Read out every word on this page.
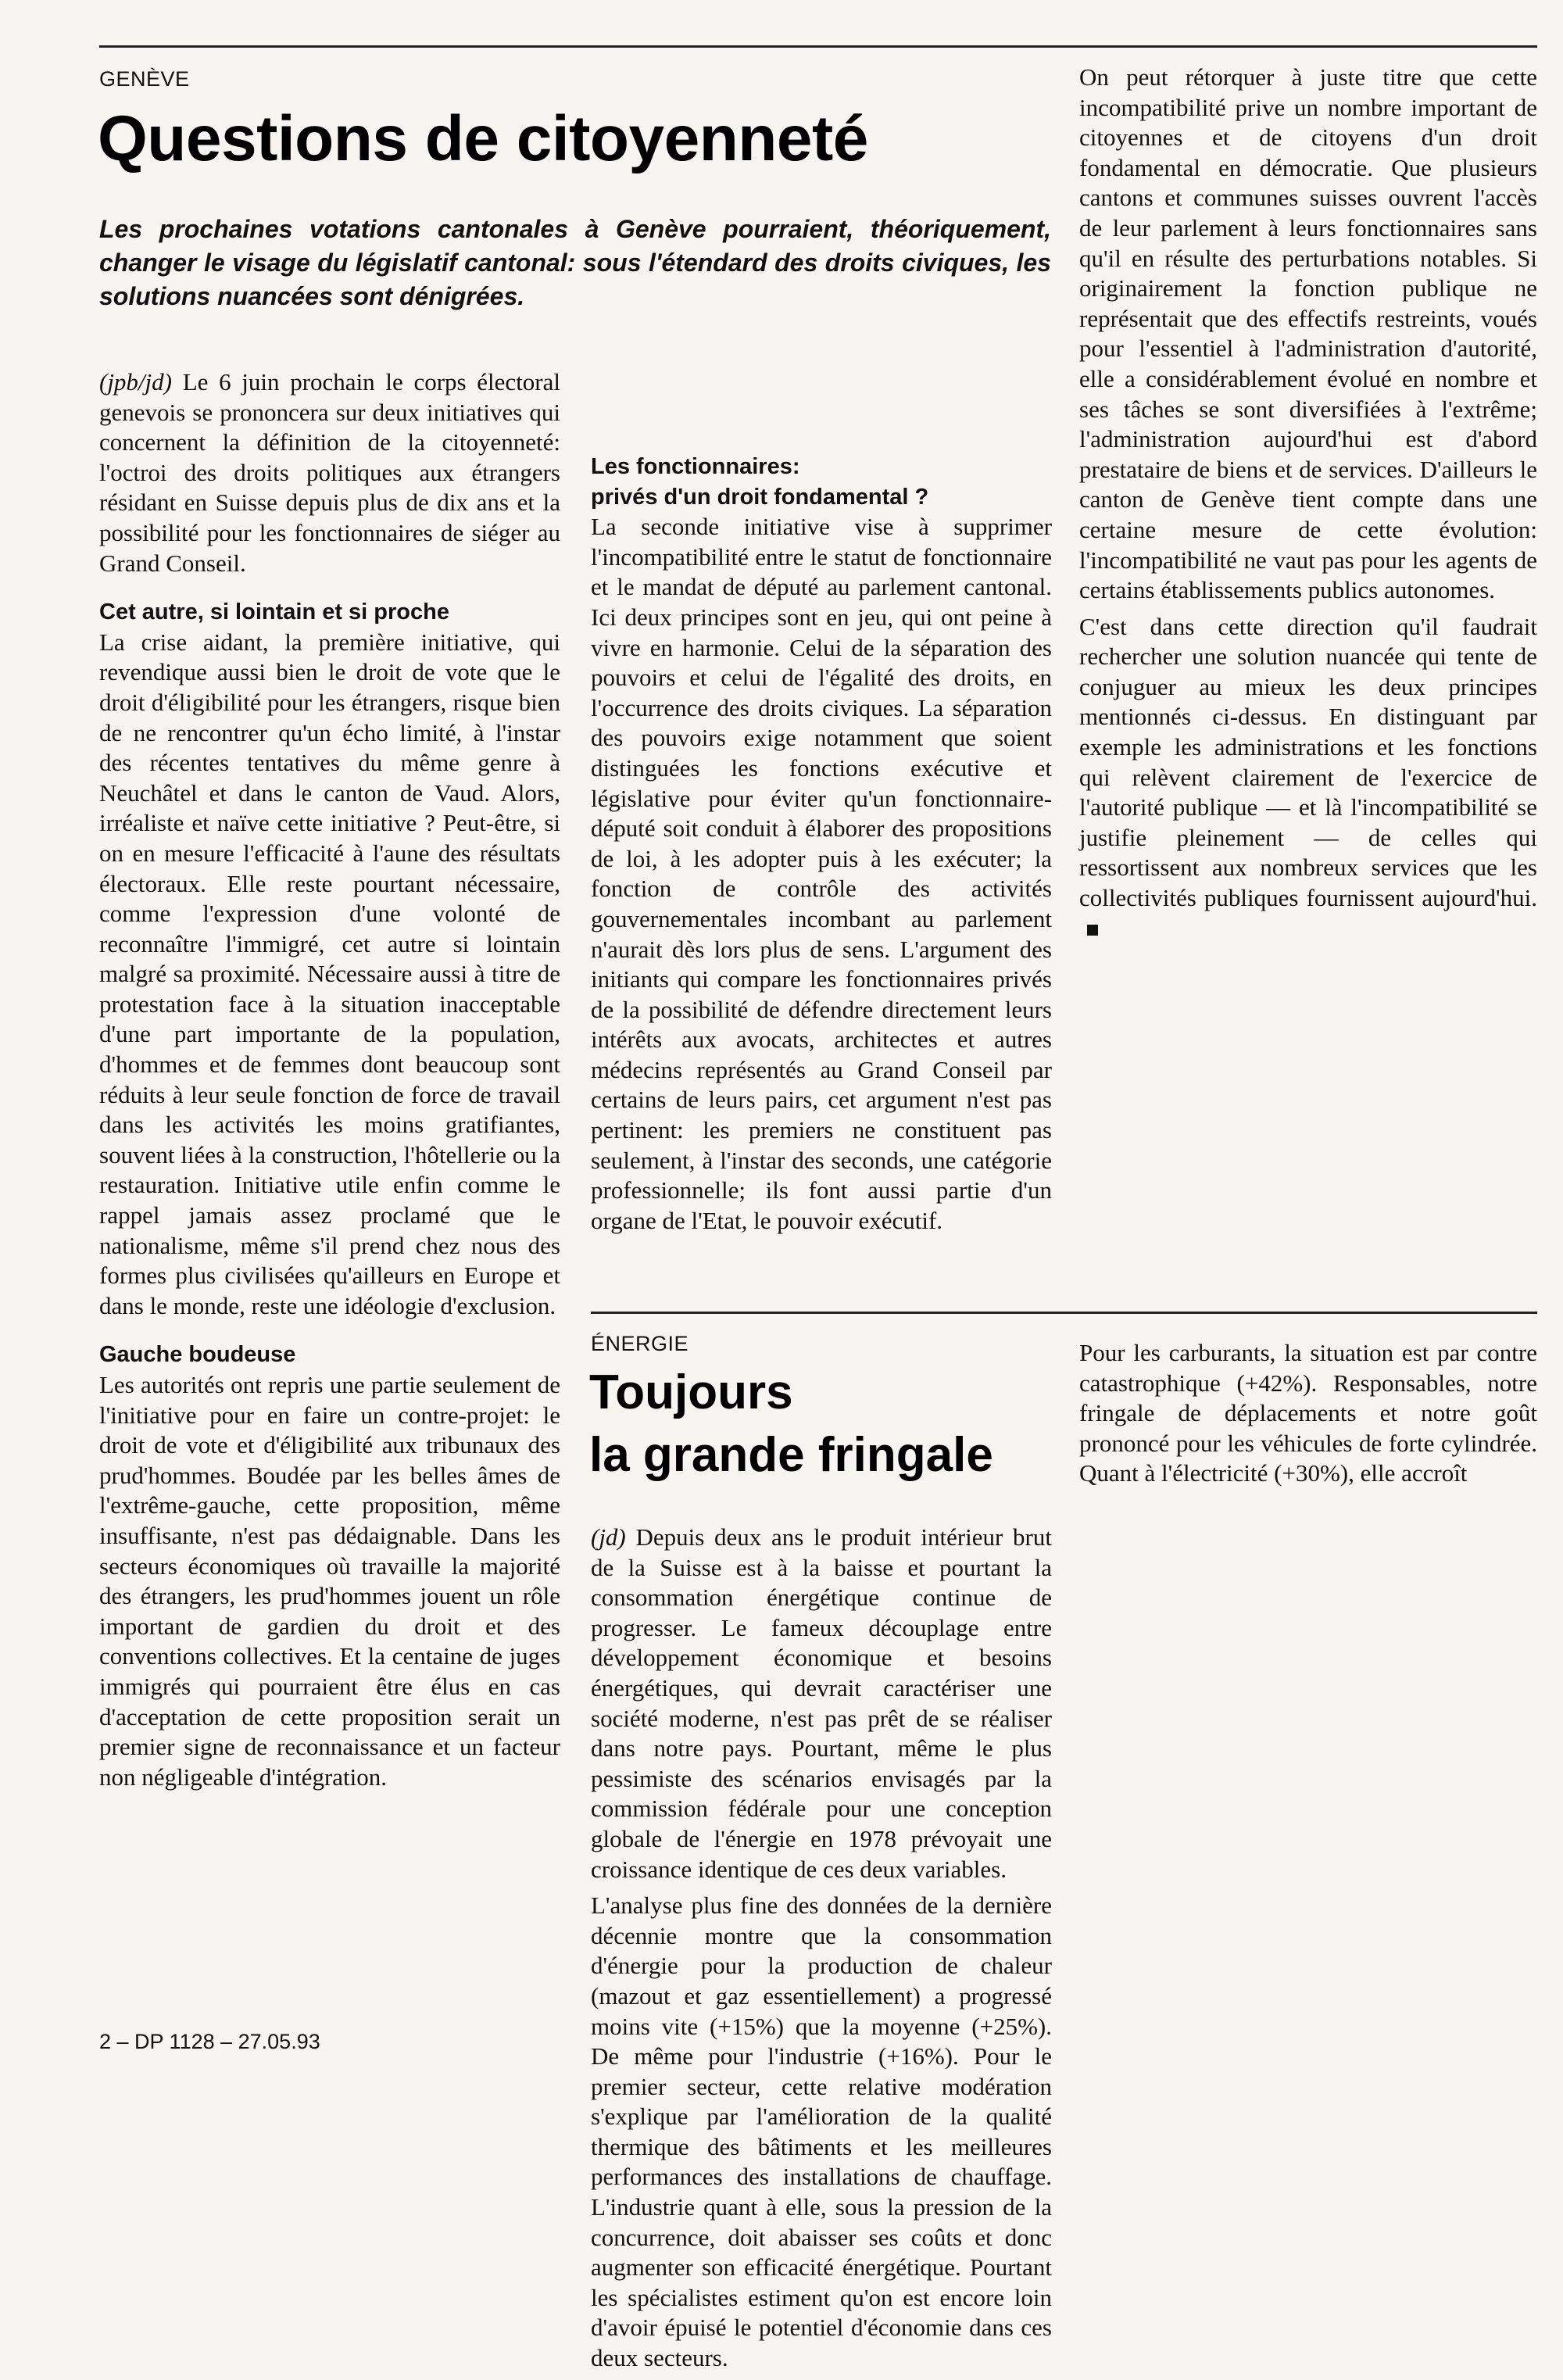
GENÈVE
Questions de citoyenneté
Les prochaines votations cantonales à Genève pourraient, théoriquement, changer le visage du législatif cantonal: sous l'étendard des droits civiques, les solutions nuancées sont dénigrées.

(jpb/jd) Le 6 juin prochain le corps électoral genevois se prononcera sur deux initiatives qui concernent la définition de la citoyenneté: l'octroi des droits politiques aux étrangers résidant en Suisse depuis plus de dix ans et la possibilité pour les fonctionnaires de siéger au Grand Conseil.

Cet autre, si lointain et si proche

La crise aidant, la première initiative, qui revendique aussi bien le droit de vote que le droit d'éligibilité pour les étrangers, risque bien de ne rencontrer qu'un écho limité, à l'instar des récentes tentatives du même genre à Neuchâtel et dans le canton de Vaud. Alors, irréaliste et naïve cette initiative ? Peut-être, si on en mesure l'efficacité à l'aune des résultats électoraux. Elle reste pourtant nécessaire, comme l'expression d'une volonté de reconnaître l'immigré, cet autre si lointain malgré sa proximité. Nécessaire aussi à titre de protestation face à la situation inacceptable d'une part importante de la population, d'hommes et de femmes dont beaucoup sont réduits à leur seule fonction de force de travail dans les activités les moins gratifiantes, souvent liées à la construction, l'hôtellerie ou la restauration. Initiative utile enfin comme le rappel jamais assez proclamé que le nationalisme, même s'il prend chez nous des formes plus civilisées qu'ailleurs en Europe et dans le monde, reste une idéologie d'exclusion.

Gauche boudeuse

Les autorités ont repris une partie seulement de l'initiative pour en faire un contre-projet: le droit de vote et d'éligibilité aux tribunaux des prud'hommes. Boudée par les belles âmes de l'extrême-gauche, cette proposition, même insuffisante, n'est pas dédaignable. Dans les secteurs économiques où travaille la majorité des étrangers, les prud'hommes jouent un rôle important de gardien du droit et des conventions collectives. Et la centaine de juges immigrés qui pourraient être élus en cas d'acceptation de cette proposition serait un premier signe de reconnaissance et un facteur non négligeable d'intégration.

Les fonctionnaires:
privés d'un droit fondamental ?

La seconde initiative vise à supprimer l'incompatibilité entre le statut de fonctionnaire et le mandat de député au parlement cantonal. Ici deux principes sont en jeu, qui ont peine à vivre en harmonie. Celui de la séparation des pouvoirs et celui de l'égalité des droits, en l'occurrence des droits civiques. La séparation des pouvoirs exige notamment que soient distinguées les fonctions exécutive et législative pour éviter qu'un fonctionnaire-député soit conduit à élaborer des propositions de loi, à les adopter puis à les exécuter; la fonction de contrôle des activités gouvernementales incombant au parlement n'aurait dès lors plus de sens. L'argument des initiants qui compare les fonctionnaires privés de la possibilité de défendre directement leurs intérêts aux avocats, architectes et autres médecins représentés au Grand Conseil par certains de leurs pairs, cet argument n'est pas pertinent: les premiers ne constituent pas seulement, à l'instar des seconds, une catégorie professionnelle; ils font aussi partie d'un organe de l'Etat, le pouvoir exécutif.

On peut rétorquer à juste titre que cette incompatibilité prive un nombre important de citoyennes et de citoyens d'un droit fondamental en démocratie. Que plusieurs cantons et communes suisses ouvrent l'accès de leur parlement à leurs fonctionnaires sans qu'il en résulte des perturbations notables. Si originairement la fonction publique ne représentait que des effectifs restreints, voués pour l'essentiel à l'administration d'autorité, elle a considérablement évolué en nombre et ses tâches se sont diversifiées à l'extrême; l'administration aujourd'hui est d'abord prestataire de biens et de services. D'ailleurs le canton de Genève tient compte dans une certaine mesure de cette évolution: l'incompatibilité ne vaut pas pour les agents de certains établissements publics autonomes.

C'est dans cette direction qu'il faudrait rechercher une solution nuancée qui tente de conjuguer au mieux les deux principes mentionnés ci-dessus. En distinguant par exemple les administrations et les fonctions qui relèvent clairement de l'exercice de l'autorité publique — et là l'incompatibilité se justifie pleinement — de celles qui ressortissent aux nombreux services que les collectivités publiques fournissent aujourd'hui.

ÉNERGIE
Toujours
la grande fringale

(jd) Depuis deux ans le produit intérieur brut de la Suisse est à la baisse et pourtant la consommation énergétique continue de progresser. Le fameux découplage entre développement économique et besoins énergétiques, qui devrait caractériser une société moderne, n'est pas prêt de se réaliser dans notre pays. Pourtant, même le plus pessimiste des scénarios envisagés par la commission fédérale pour une conception globale de l'énergie en 1978 prévoyait une croissance identique de ces deux variables.

L'analyse plus fine des données de la dernière décennie montre que la consommation d'énergie pour la production de chaleur (mazout et gaz essentiellement) a progressé moins vite (+15%) que la moyenne (+25%). De même pour l'industrie (+16%). Pour le premier secteur, cette relative modération s'explique par l'amélioration de la qualité thermique des bâtiments et les meilleures performances des installations de chauffage. L'industrie quant à elle, sous la pression de la concurrence, doit abaisser ses coûts et donc augmenter son efficacité énergétique. Pourtant les spécialistes estiment qu'on est encore loin d'avoir épuisé le potentiel d'économie dans ces deux secteurs.

Pour les carburants, la situation est par contre catastrophique (+42%). Responsables, notre fringale de déplacements et notre goût prononcé pour les véhicules de forte cylindrée. Quant à l'électricité (+30%), elle accroît

2 – DP 1128 – 27.05.93
